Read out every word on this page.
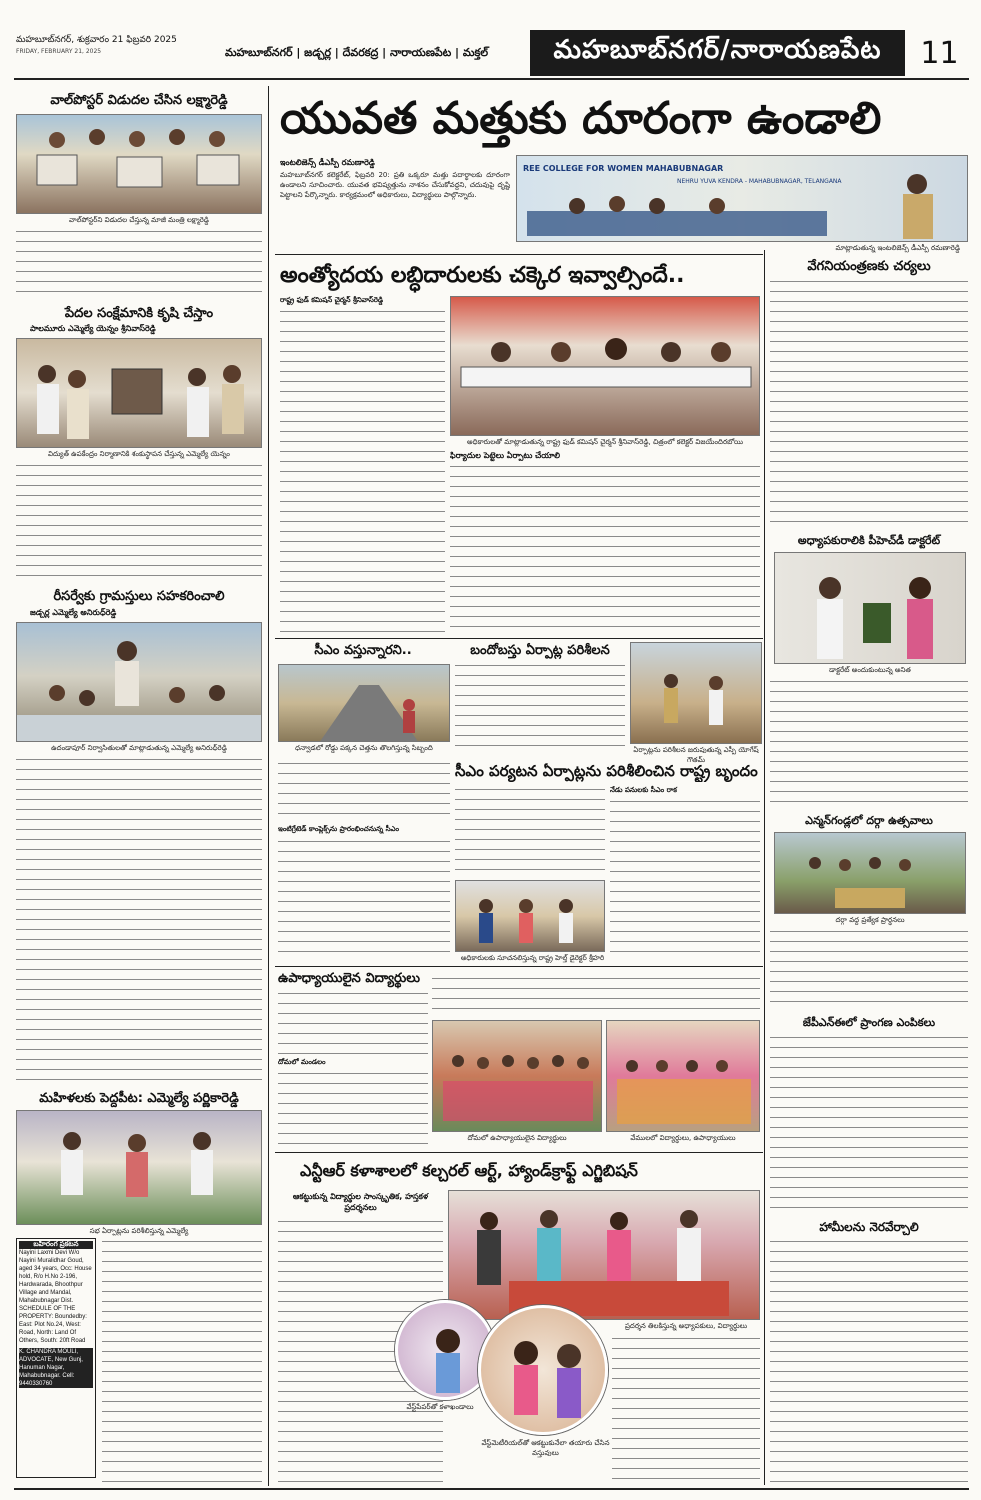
మహబూబ్‌నగర్, శుక్రవారం 21 ఫిబ్రవరి 2025
FRIDAY, FEBRUARY 21, 2025	మహబూబ్‌నగర్ | జడ్చర్ల | దేవరకద్ర | నారాయణపేట | మక్తల్	మహబూబ్‌నగర్/నారాయణపేట	11
వాల్‌పోస్టర్ విడుదల చేసిన లక్ష్మారెడ్డి
వాల్‌పోస్టర్‌ని విడుదల చేస్తున్న మాజీ మంత్రి లక్ష్మారెడ్డి
పేదల సంక్షేమానికి కృషి చేస్తాం
పాలమూరు ఎమ్మెల్యే యెన్నం శ్రీనివాస్‌రెడ్డి
విద్యుత్ ఉపకేంద్రం నిర్మాణానికి శంకుస్థాపన చేస్తున్న ఎమ్మెల్యే యెన్నం
రీసర్వేకు గ్రామస్తులు సహకరించాలి
జడ్చర్ల ఎమ్మెల్యే అనిరుధ్‌రెడ్డి
ఉదండాపూర్ నిర్వాసితులతో మాట్లాడుతున్న ఎమ్మెల్యే అనిరుధ్‌రెడ్డి
మహిళలకు పెద్దపీట: ఎమ్మెల్యే పర్ణికారెడ్డి
సభ ఏర్పాట్లను పరిశీలిస్తున్న ఎమ్మెల్యే
బహిరంగ ప్రకటన
Nayini Laxmi Devi W/o Nayini Muralidhar Goud, aged 34 years, Occ: House hold, R/o H.No 2-196, Hardwarada, Bhoothpur Village and Mandal, Mahabubnagar Dist. SCHEDULE OF THE PROPERTY: Boundedby: East: Plot No.24, West: Road, North: Land Of Others, South: 20ft Road
K. CHANDRA MOULI, ADVOCATE, New Gunj, Hanuman Nagar, Mahabubnagar. Cell: 9440330760
యువత మత్తుకు దూరంగా ఉండాలి
ఇంటలిజెన్స్ డీఎస్పీ రమణారెడ్డి
మహబూబ్‌నగర్ కలెక్టరేట్, ఫిబ్రవరి 20: ప్రతి ఒక్కరూ మత్తు పదార్థాలకు దూరంగా ఉండాలని సూచించారు. యువత భవిష్యత్తును నాశనం చేసుకోవద్దని, చదువుపై దృష్టి పెట్టాలని పేర్కొన్నారు. కార్యక్రమంలో అధికారులు, విద్యార్థులు పాల్గొన్నారు.
REE COLLEGE FOR WOMEN MAHABUBNAGAR
NEHRU YUVA KENDRA - MAHABUBNAGAR, TELANGANA
మాట్లాడుతున్న ఇంటలిజెన్స్ డీఎస్పీ రమణారెడ్డి
అంత్యోదయ లబ్ధిదారులకు చక్కెర ఇవ్వాల్సిందే..
రాష్ట్ర ఫుడ్ కమిషన్ చైర్మన్ శ్రీనివాస్‌రెడ్డి
అధికారులతో మాట్లాడుతున్న రాష్ట్ర ఫుడ్ కమిషన్ చైర్మన్ శ్రీనివాస్‌రెడ్డి, చిత్రంలో కలెక్టర్ విజయేందిరబోయి
ఫిర్యాదుల పెట్టెలు ఏర్పాటు చేయాలి
సీఎం వస్తున్నారని..
ధన్వాడలో రోడ్డు పక్కన చెత్తను తొలగిస్తున్న సిబ్బంది
బందోబస్తు ఏర్పాట్ల పరిశీలన
ఏర్పాట్లను పరిశీలన జరుపుతున్న ఎస్పీ యోగేష్ గౌతమ్
సీఎం పర్యటన ఏర్పాట్లను పరిశీలించిన రాష్ట్ర బృందం
ఇంటిగ్రేటెడ్ కాంప్లెక్స్‌ను ప్రారంభించనున్న సీఎం
నేడు పనులకు సీఎం రాక
అధికారులకు సూచనలిస్తున్న రాష్ట్ర హెల్త్ డైరెక్టర్ శ్రీహరి
ఉపాధ్యాయులైన విద్యార్థులు
దోమలో మండలం
దోమలో ఉపాధ్యాయులైన విద్యార్థులు	వేములలో విద్యార్థులు, ఉపాధ్యాయులు
వేగనియంత్రణకు చర్యలు
అధ్యాపకురాలికి పీహెచ్‌డీ డాక్టరేట్
డాక్టరేట్ అందుకుంటున్న అనిత
ఎన్మన్‌గండ్లలో దర్గా ఉత్సవాలు
దర్గా వద్ద ప్రత్యేక ప్రార్థనలు
జేపీఎన్‌ఈలో ప్రాంగణ ఎంపికలు
హామీలను నెరవేర్చాలి
ఎన్టీఆర్ కళాశాలలో కల్చరల్ ఆర్ట్, హ్యాండ్‌క్రాఫ్ట్ ఎగ్జిబిషన్
ఆకట్టుకున్న విద్యార్థుల సాంస్కృతిక, హస్తకళ ప్రదర్శనలు
వేస్ట్‌పేపర్‌తో కళాఖండాలు
వేస్ట్‌మెటీరియల్‌తో ఆకట్టుకునేలా తయారు చేసిన వస్తువులు
ప్రదర్శన తిలకిస్తున్న అధ్యాపకులు, విద్యార్థులు
